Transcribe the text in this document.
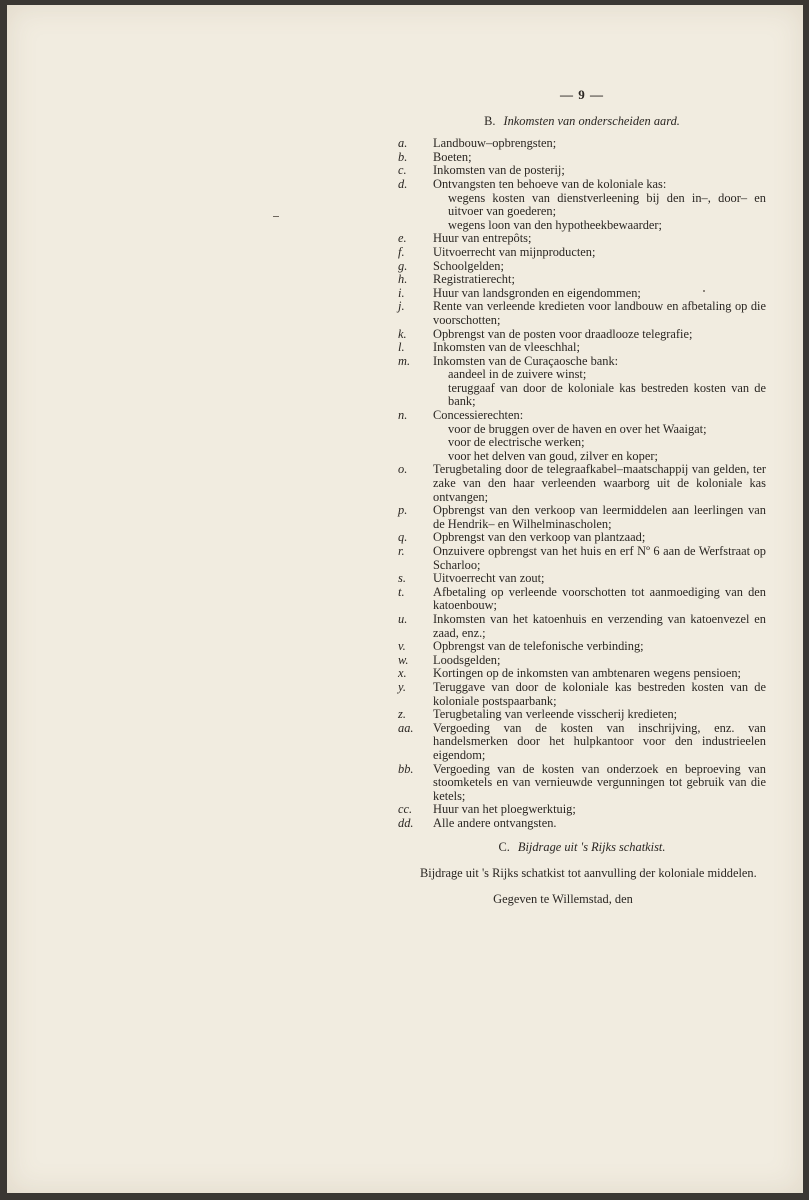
— 9 —
B. Inkomsten van onderscheiden aard.
a.	Landbouw–opbrengsten;
b.	Boeten;
c.	Inkomsten van de posterij;
d.	Ontvangsten ten behoeve van de koloniale kas:
wegens kosten van dienstverleening bij den in–, door– en uitvoer van goederen;
wegens loon van den hypotheekbewaarder;
e.	Huur van entrepôts;
f.	Uitvoerrecht van mijnproducten;
g.	Schoolgelden;
h.	Registratierecht;
i.	Huur van landsgronden en eigendommen;
j.	Rente van verleende kredieten voor landbouw en afbetaling op die voorschotten;
k.	Opbrengst van de posten voor draadlooze telegrafie;
l.	Inkomsten van de vleeschhal;
m.	Inkomsten van de Curaçaosche bank:
aandeel in de zuivere winst;
teruggaaf van door de koloniale kas bestreden kosten van de bank;
n.	Concessierechten:
voor de bruggen over de haven en over het Waaigat;
voor de electrische werken;
voor het delven van goud, zilver en koper;
o.	Terugbetaling door de telegraafkabel–maatschappij van gelden, ter zake van den haar verleenden waarborg uit de koloniale kas ontvangen;
p.	Opbrengst van den verkoop van leermiddelen aan leerlingen van de Hendrik– en Wilhelminascholen;
q.	Opbrengst van den verkoop van plantzaad;
r.	Onzuivere opbrengst van het huis en erf Nº 6 aan de Werfstraat op Scharloo;
s.	Uitvoerrecht van zout;
t.	Afbetaling op verleende voorschotten tot aanmoediging van den katoenbouw;
u.	Inkomsten van het katoenhuis en verzending van katoenvezel en zaad, enz.;
v.	Opbrengst van de telefonische verbinding;
w.	Loodsgelden;
x.	Kortingen op de inkomsten van ambtenaren wegens pensioen;
y.	Teruggave van door de koloniale kas bestreden kosten van de koloniale postspaarbank;
z.	Terugbetaling van verleende visscherij kredieten;
aa.	Vergoeding van de kosten van inschrijving, enz. van handelsmerken door het hulpkantoor voor den industrieelen eigendom;
bb.	Vergoeding van de kosten van onderzoek en beproeving van stoomketels en van vernieuwde vergunningen tot gebruik van die ketels;
cc.	Huur van het ploegwerktuig;
dd.	Alle andere ontvangsten.
C. Bijdrage uit 's Rijks schatkist.
Bijdrage uit 's Rijks schatkist tot aanvulling der koloniale middelen.
Gegeven te Willemstad, den
